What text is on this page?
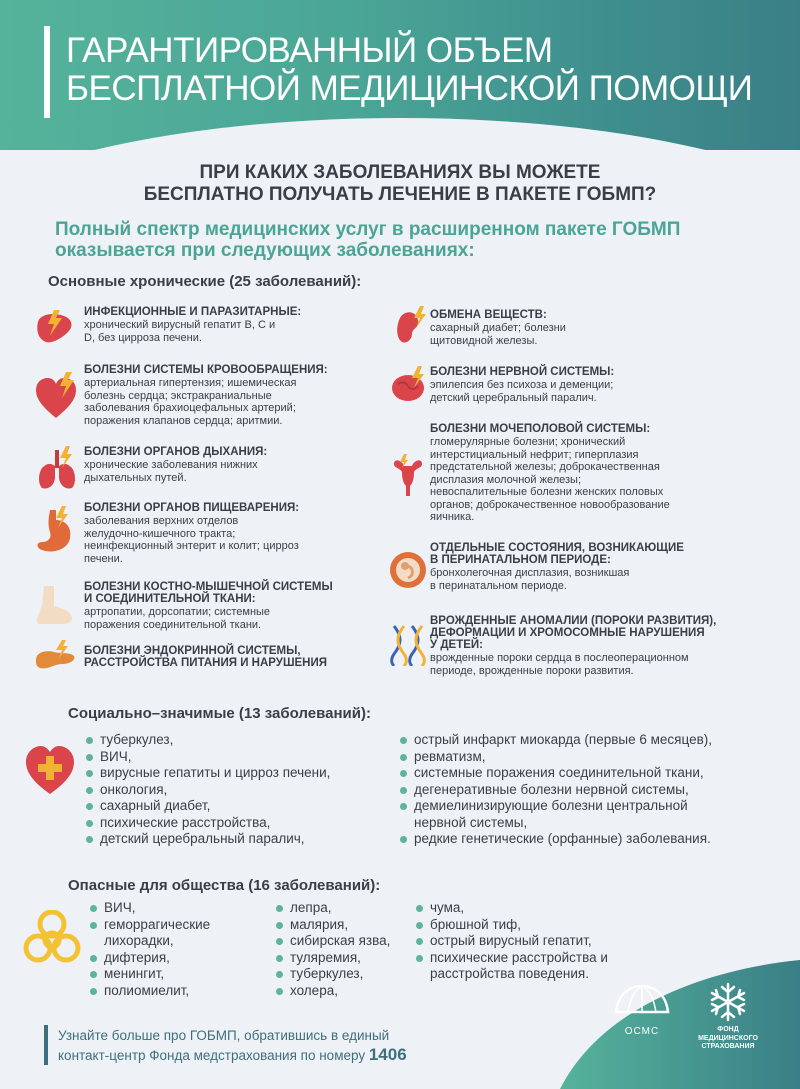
ГАРАНТИРОВАННЫЙ ОБЪЕМ
БЕСПЛАТНОЙ МЕДИЦИНСКОЙ ПОМОЩИ
ПРИ КАКИХ ЗАБОЛЕВАНИЯХ ВЫ МОЖЕТЕ
БЕСПЛАТНО ПОЛУЧАТЬ ЛЕЧЕНИЕ В ПАКЕТЕ ГОБМП?
Полный спектр медицинских услуг в расширенном пакете ГОБМП
оказывается при следующих заболеваниях:
Основные хронические (25 заболеваний):
ИНФЕКЦИОННЫЕ И ПАРАЗИТАРНЫЕ:
хронический вирусный гепатит В, С и
D, без цирроза печени.
БОЛЕЗНИ СИСТЕМЫ КРОВООБРАЩЕНИЯ:
артериальная гипертензия; ишемическая
болезнь сердца; экстракраниальные
заболевания брахиоцефальных артерий;
поражения клапанов сердца; аритмии.
БОЛЕЗНИ ОРГАНОВ ДЫХАНИЯ:
хронические заболевания нижних
дыхательных путей.
БОЛЕЗНИ ОРГАНОВ ПИЩЕВАРЕНИЯ:
заболевания верхних отделов
желудочно-кишечного тракта;
неинфекционный энтерит и колит; цирроз
печени.
БОЛЕЗНИ КОСТНО-МЫШЕЧНОЙ СИСТЕМЫ
И СОЕДИНИТЕЛЬНОЙ ТКАНИ:
артропатии, дорсопатии; системные
поражения соединительной ткани.
БОЛЕЗНИ ЭНДОКРИННОЙ СИСТЕМЫ,
РАССТРОЙСТВА ПИТАНИЯ И НАРУШЕНИЯ
ОБМЕНА ВЕЩЕСТВ:
сахарный диабет; болезни
щитовидной железы.
БОЛЕЗНИ НЕРВНОЙ СИСТЕМЫ:
эпилепсия без психоза и деменции;
детский церебральный паралич.
БОЛЕЗНИ МОЧЕПОЛОВОЙ СИСТЕМЫ:
гломерулярные болезни; хронический
интерстициальный нефрит; гиперплазия
предстательной железы; доброкачественная
дисплазия молочной железы;
невоспалительные болезни женских половых
органов; доброкачественное новообразование
яичника.
ОТДЕЛЬНЫЕ СОСТОЯНИЯ, ВОЗНИКАЮЩИЕ
В ПЕРИНАТАЛЬНОМ ПЕРИОДЕ:
бронхолегочная дисплазия, возникшая
в перинатальном периоде.
ВРОЖДЕННЫЕ АНОМАЛИИ (ПОРОКИ РАЗВИТИЯ),
ДЕФОРМАЦИИ И ХРОМОСОМНЫЕ НАРУШЕНИЯ
У ДЕТЕЙ:
врожденные пороки сердца в послеоперационном
периоде, врожденные пороки развития.
Социально–значимые (13 заболеваний):
туберкулез,
ВИЧ,
вирусные гепатиты и цирроз печени,
онкология,
сахарный диабет,
психические расстройства,
детский церебральный паралич,
острый инфаркт миокарда (первые 6 месяцев),
ревматизм,
системные поражения соединительной ткани,
дегенеративные болезни нервной системы,
демиелинизирующие болезни центральной
нервной системы,
редкие генетические (орфанные) заболевания.
Опасные для общества (16 заболеваний):
ВИЧ,
геморрагические
лихорадки,
дифтерия,
менингит,
полиомиелит,
лепра,
малярия,
сибирская язва,
туляремия,
туберкулез,
холера,
чума,
брюшной тиф,
острый вирусный гепатит,
психические расстройства и
расстройства поведения.
Узнайте больше про ГОБМП, обратившись в единый
контакт-центр Фонда медстрахования по номеру 1406
ОСМС	ФОНД
МЕДИЦИНСКОГО
СТРАХОВАНИЯ
